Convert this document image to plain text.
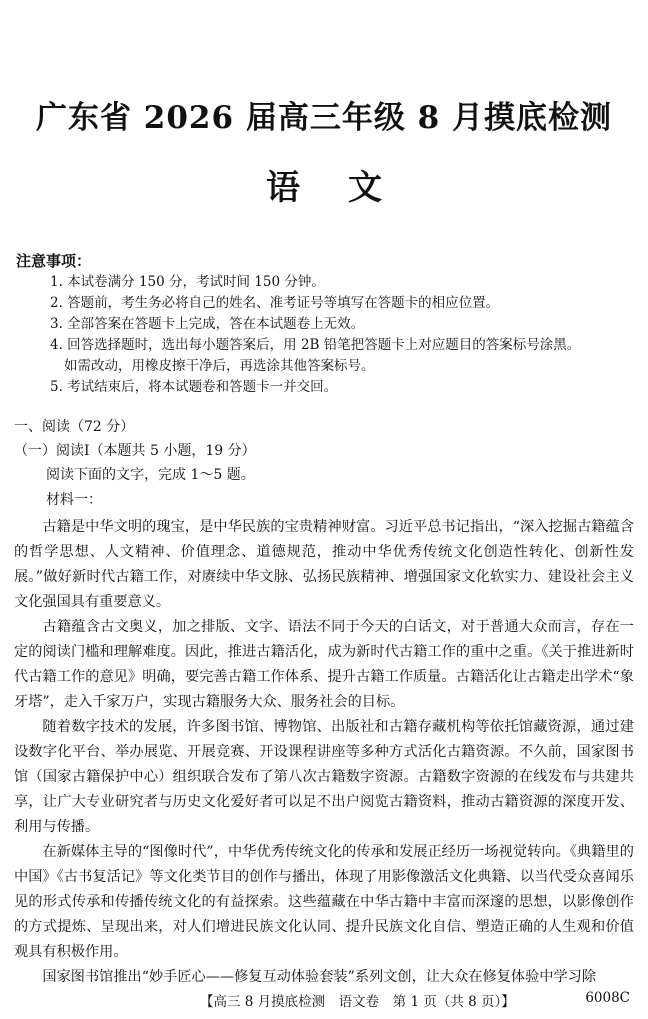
广东省 2026 届高三年级 8 月摸底检测
语文
注意事项：
1. 本试卷满分 150 分，考试时间 150 分钟。
2. 答题前，考生务必将自己的姓名、准考证号等填写在答题卡的相应位置。
3. 全部答案在答题卡上完成，答在本试题卷上无效。
4. 回答选择题时，选出每小题答案后，用 2B 铅笔把答题卡上对应题目的答案标号涂黑。
如需改动，用橡皮擦干净后，再选涂其他答案标号。
5. 考试结束后，将本试题卷和答题卡一并交回。
一、阅读（72 分）
（一）阅读Ⅰ（本题共 5 小题，19 分）
阅读下面的文字，完成 1～5 题。
材料一：

古籍是中华文明的瑰宝，是中华民族的宝贵精神财富。习近平总书记指出，“深入挖掘古籍蕴含的哲学思想、人文精神、价值理念、道德规范，推动中华优秀传统文化创造性转化、创新性发展。”做好新时代古籍工作，对赓续中华文脉、弘扬民族精神、增强国家文化软实力、建设社会主义文化强国具有重要意义。

古籍蕴含古文奥义，加之排版、文字、语法不同于今天的白话文，对于普通大众而言，存在一定的阅读门槛和理解难度。因此，推进古籍活化，成为新时代古籍工作的重中之重。《关于推进新时代古籍工作的意见》明确，要完善古籍工作体系、提升古籍工作质量。古籍活化让古籍走出学术“象牙塔”，走入千家万户，实现古籍服务大众、服务社会的目标。

随着数字技术的发展，许多图书馆、博物馆、出版社和古籍存藏机构等依托馆藏资源，通过建设数字化平台、举办展览、开展竞赛、开设课程讲座等多种方式活化古籍资源。不久前，国家图书馆（国家古籍保护中心）组织联合发布了第八次古籍数字资源。古籍数字资源的在线发布与共建共享，让广大专业研究者与历史文化爱好者可以足不出户阅览古籍资料，推动古籍资源的深度开发、利用与传播。

在新媒体主导的“图像时代”，中华优秀传统文化的传承和发展正经历一场视觉转向。《典籍里的中国》《古书复活记》等文化类节目的创作与播出，体现了用影像激活文化典籍、以当代受众喜闻乐见的形式传承和传播传统文化的有益探索。这些蕴藏在中华古籍中丰富而深邃的思想，以影像创作的方式提炼、呈现出来，对人们增进民族文化认同、提升民族文化自信、塑造正确的人生观和价值观具有积极作用。

国家图书馆推出“妙手匠心——修复互动体验套装”系列文创，让大众在修复体验中学习除

【高三 8 月摸底检测　语文卷　第 1 页（共 8 页）】	6008C
